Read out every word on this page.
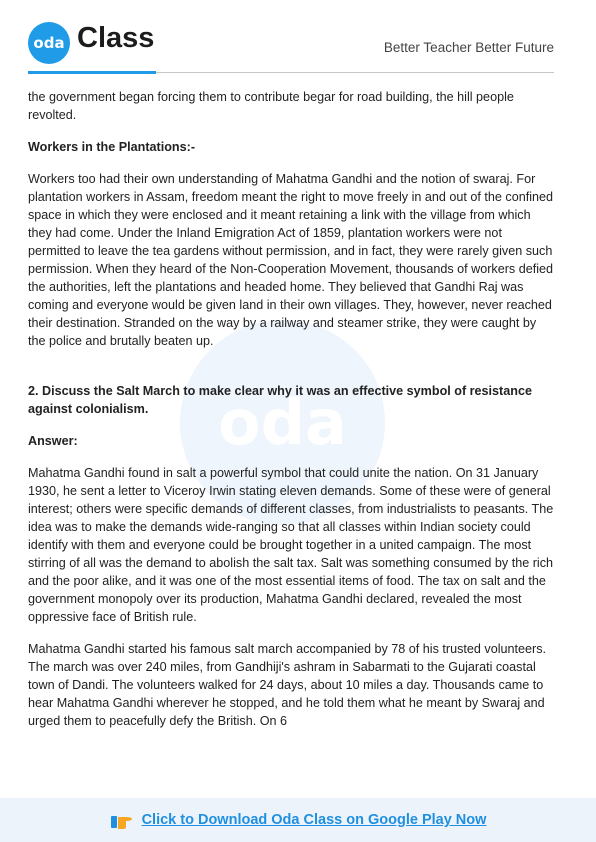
oda Class	Better Teacher Better Future
oda

the government began forcing them to contribute begar for road building, the hill people revolted.

Workers in the Plantations:-

Workers too had their own understanding of Mahatma Gandhi and the notion of swaraj. For plantation workers in Assam, freedom meant the right to move freely in and out of the confined space in which they were enclosed and it meant retaining a link with the village from which they had come. Under the Inland Emigration Act of 1859, plantation workers were not permitted to leave the tea gardens without permission, and in fact, they were rarely given such permission. When they heard of the Non-Cooperation Movement, thousands of workers defied the authorities, left the plantations and headed home. They believed that Gandhi Raj was coming and everyone would be given land in their own villages. They, however, never reached their destination. Stranded on the way by a railway and steamer strike, they were caught by the police and brutally beaten up.

2. Discuss the Salt March to make clear why it was an effective symbol of resistance against colonialism.

Answer:

Mahatma Gandhi found in salt a powerful symbol that could unite the nation. On 31 January 1930, he sent a letter to Viceroy Irwin stating eleven demands. Some of these were of general interest; others were specific demands of different classes, from industrialists to peasants. The idea was to make the demands wide-ranging so that all classes within Indian society could identify with them and everyone could be brought together in a united campaign. The most stirring of all was the demand to abolish the salt tax. Salt was something consumed by the rich and the poor alike, and it was one of the most essential items of food. The tax on salt and the government monopoly over its production, Mahatma Gandhi declared, revealed the most oppressive face of British rule.

Mahatma Gandhi started his famous salt march accompanied by 78 of his trusted volunteers. The march was over 240 miles, from Gandhiji's ashram in Sabarmati to the Gujarati coastal town of Dandi. The volunteers walked for 24 days, about 10 miles a day. Thousands came to hear Mahatma Gandhi wherever he stopped, and he told them what he meant by Swaraj and urged them to peacefully defy the British. On 6

Click to Download Oda Class on Google Play Now
